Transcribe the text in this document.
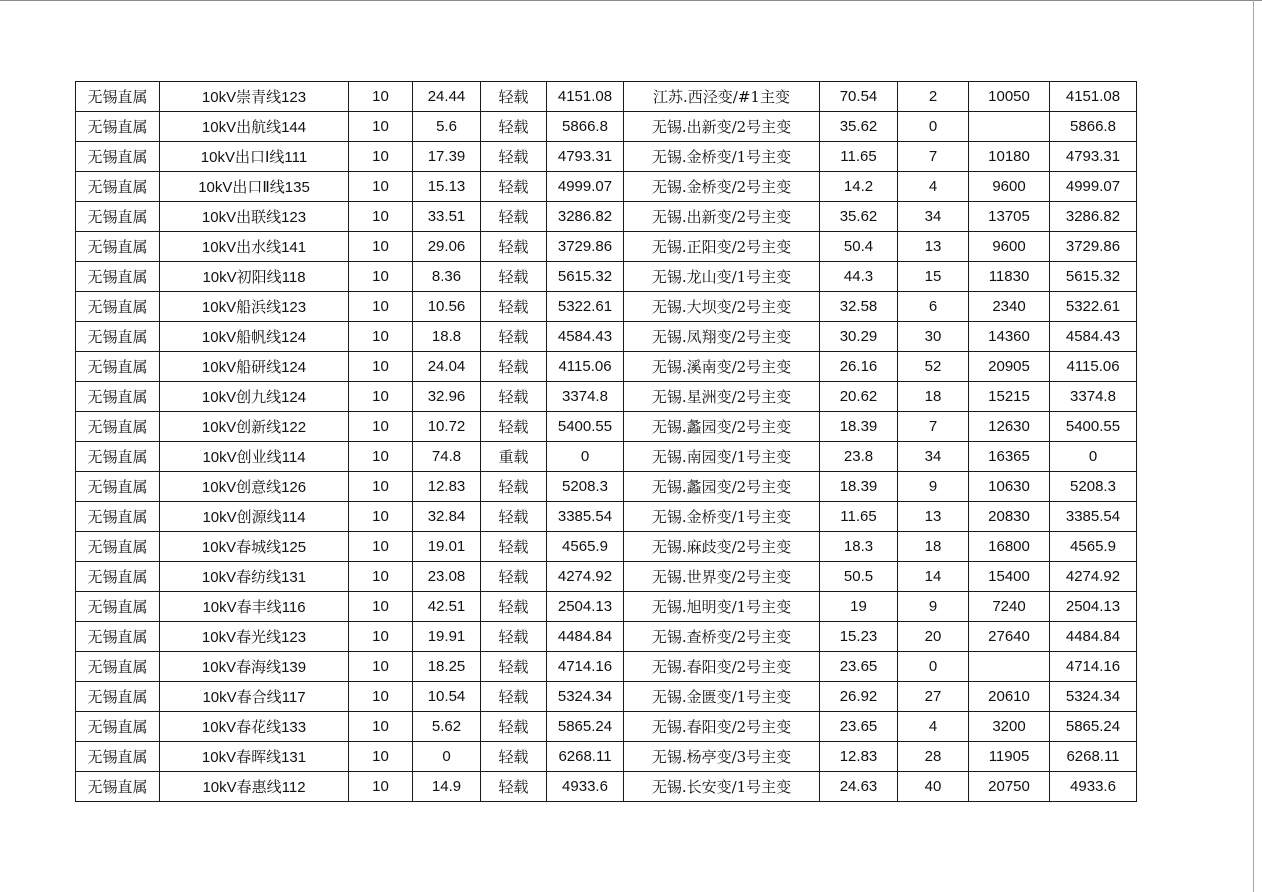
无锡直属	10kV崇青线123	10	24.44	轻载	4151.08	江苏.西泾变/#1主变	70.54	2	10050	4151.08
无锡直属	10kV出航线144	10	5.6	轻载	5866.8	无锡.出新变/2号主变	35.62	0		5866.8
无锡直属	10kV出口Ⅰ线111	10	17.39	轻载	4793.31	无锡.金桥变/1号主变	11.65	7	10180	4793.31
无锡直属	10kV出口Ⅱ线135	10	15.13	轻载	4999.07	无锡.金桥变/2号主变	14.2	4	9600	4999.07
无锡直属	10kV出联线123	10	33.51	轻载	3286.82	无锡.出新变/2号主变	35.62	34	13705	3286.82
无锡直属	10kV出水线141	10	29.06	轻载	3729.86	无锡.正阳变/2号主变	50.4	13	9600	3729.86
无锡直属	10kV初阳线118	10	8.36	轻载	5615.32	无锡.龙山变/1号主变	44.3	15	11830	5615.32
无锡直属	10kV船浜线123	10	10.56	轻载	5322.61	无锡.大坝变/2号主变	32.58	6	2340	5322.61
无锡直属	10kV船帆线124	10	18.8	轻载	4584.43	无锡.凤翔变/2号主变	30.29	30	14360	4584.43
无锡直属	10kV船研线124	10	24.04	轻载	4115.06	无锡.溪南变/2号主变	26.16	52	20905	4115.06
无锡直属	10kV创九线124	10	32.96	轻载	3374.8	无锡.星洲变/2号主变	20.62	18	15215	3374.8
无锡直属	10kV创新线122	10	10.72	轻载	5400.55	无锡.蠡园变/2号主变	18.39	7	12630	5400.55
无锡直属	10kV创业线114	10	74.8	重载	0	无锡.南园变/1号主变	23.8	34	16365	0
无锡直属	10kV创意线126	10	12.83	轻载	5208.3	无锡.蠡园变/2号主变	18.39	9	10630	5208.3
无锡直属	10kV创源线114	10	32.84	轻载	3385.54	无锡.金桥变/1号主变	11.65	13	20830	3385.54
无锡直属	10kV春城线125	10	19.01	轻载	4565.9	无锡.麻歧变/2号主变	18.3	18	16800	4565.9
无锡直属	10kV春纺线131	10	23.08	轻载	4274.92	无锡.世界变/2号主变	50.5	14	15400	4274.92
无锡直属	10kV春丰线116	10	42.51	轻载	2504.13	无锡.旭明变/1号主变	19	9	7240	2504.13
无锡直属	10kV春光线123	10	19.91	轻载	4484.84	无锡.查桥变/2号主变	15.23	20	27640	4484.84
无锡直属	10kV春海线139	10	18.25	轻载	4714.16	无锡.春阳变/2号主变	23.65	0		4714.16
无锡直属	10kV春合线117	10	10.54	轻载	5324.34	无锡.金匮变/1号主变	26.92	27	20610	5324.34
无锡直属	10kV春花线133	10	5.62	轻载	5865.24	无锡.春阳变/2号主变	23.65	4	3200	5865.24
无锡直属	10kV春晖线131	10	0	轻载	6268.11	无锡.杨亭变/3号主变	12.83	28	11905	6268.11
无锡直属	10kV春惠线112	10	14.9	轻载	4933.6	无锡.长安变/1号主变	24.63	40	20750	4933.6
